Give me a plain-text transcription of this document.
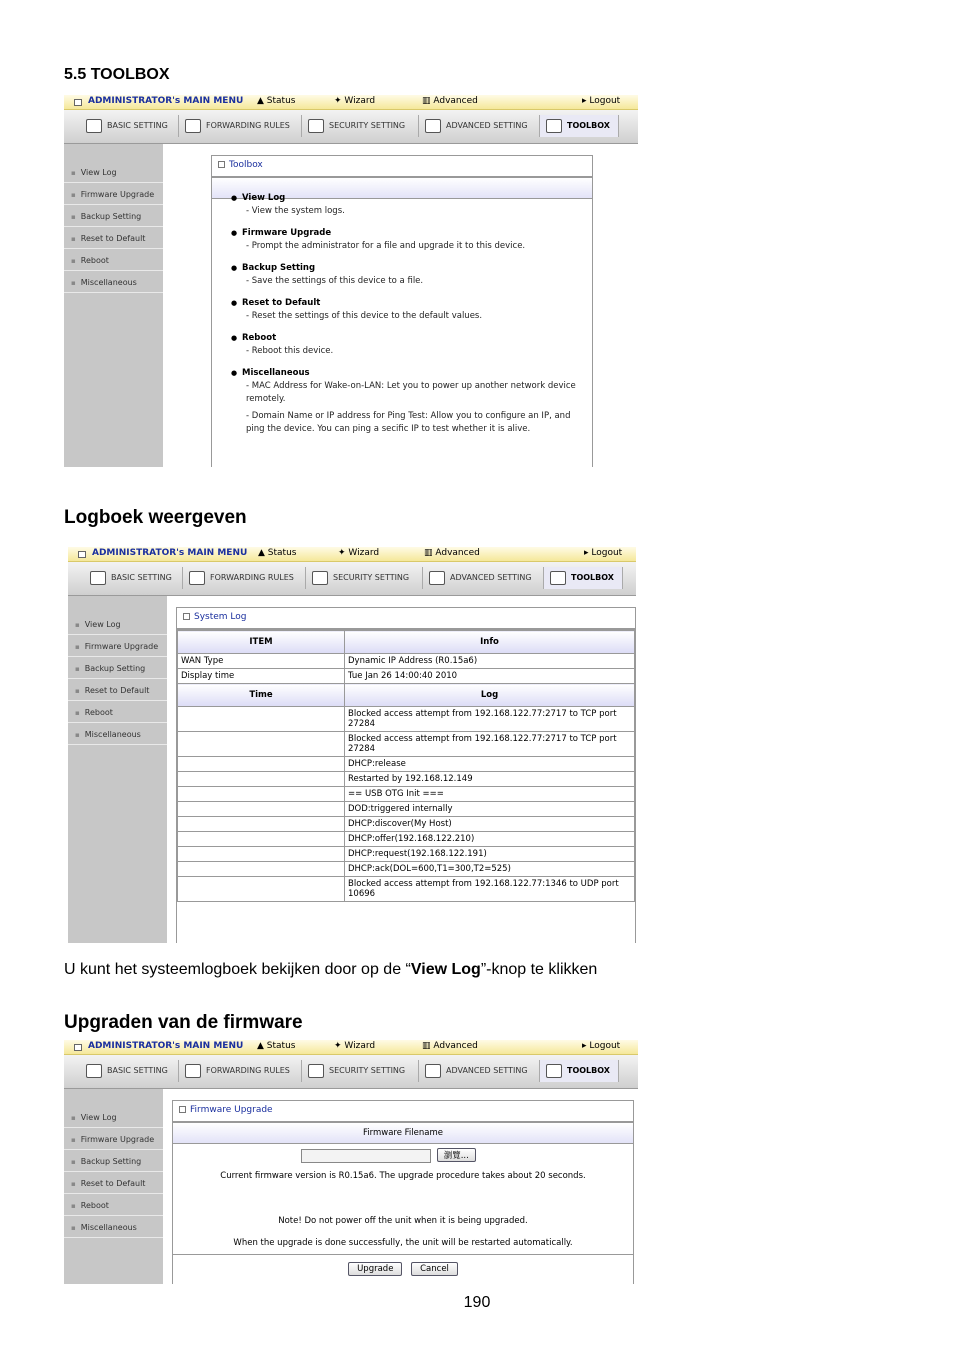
5.5 TOOLBOX
ADMINISTRATOR's MAIN MENU ▲ Status	✦ Wizard	▥ Advanced	▸ Logout
BASIC SETTING	FORWARDING RULES	SECURITY SETTING	ADVANCED SETTING	TOOLBOX
▪ View Log
▪ Firmware Upgrade
▪ Backup Setting
▪ Reset to Default
▪ Reboot
▪ Miscellaneous
Toolbox
● View Log
- View the system logs.
● Firmware Upgrade
- Prompt the administrator for a file and upgrade it to this device.
● Backup Setting
- Save the settings of this device to a file.
● Reset to Default
- Reset the settings of this device to the default values.
● Reboot
- Reboot this device.
● Miscellaneous
- MAC Address for Wake-on-LAN: Let you to power up another network device remotely.
- Domain Name or IP address for Ping Test: Allow you to configure an IP, and ping the device. You can ping a secific IP to test whether it is alive.
Logboek weergeven
ADMINISTRATOR's MAIN MENU ▲ Status	✦ Wizard	▥ Advanced	▸ Logout
BASIC SETTING	FORWARDING RULES	SECURITY SETTING	ADVANCED SETTING	TOOLBOX
▪ View Log
▪ Firmware Upgrade
▪ Backup Setting
▪ Reset to Default
▪ Reboot
▪ Miscellaneous
System Log
ITEM	Info
WAN Type	Dynamic IP Address (R0.15a6)
Display time	Tue Jan 26 14:00:40 2010
Time	Log
	Blocked access attempt from 192.168.122.77:2717 to TCP port 27284
	Blocked access attempt from 192.168.122.77:2717 to TCP port 27284
	DHCP:release
	Restarted by 192.168.12.149
	== USB OTG Init ===
	DOD:triggered internally
	DHCP:discover(My Host)
	DHCP:offer(192.168.122.210)
	DHCP:request(192.168.122.191)
	DHCP:ack(DOL=600,T1=300,T2=525)
	Blocked access attempt from 192.168.122.77:1346 to UDP port 10696
U kunt het systeemlogboek bekijken door op de “View Log”-knop te klikken
Upgraden van de firmware
ADMINISTRATOR's MAIN MENU ▲ Status	✦ Wizard	▥ Advanced	▸ Logout
BASIC SETTING	FORWARDING RULES	SECURITY SETTING	ADVANCED SETTING	TOOLBOX
▪ View Log
▪ Firmware Upgrade
▪ Backup Setting
▪ Reset to Default
▪ Reboot
▪ Miscellaneous
Firmware Upgrade
Firmware Filename
瀏覽...
Current firmware version is R0.15a6. The upgrade procedure takes about 20 seconds.
Note! Do not power off the unit when it is being upgraded.
When the upgrade is done successfully, the unit will be restarted automatically.
Upgrade	Cancel
190
